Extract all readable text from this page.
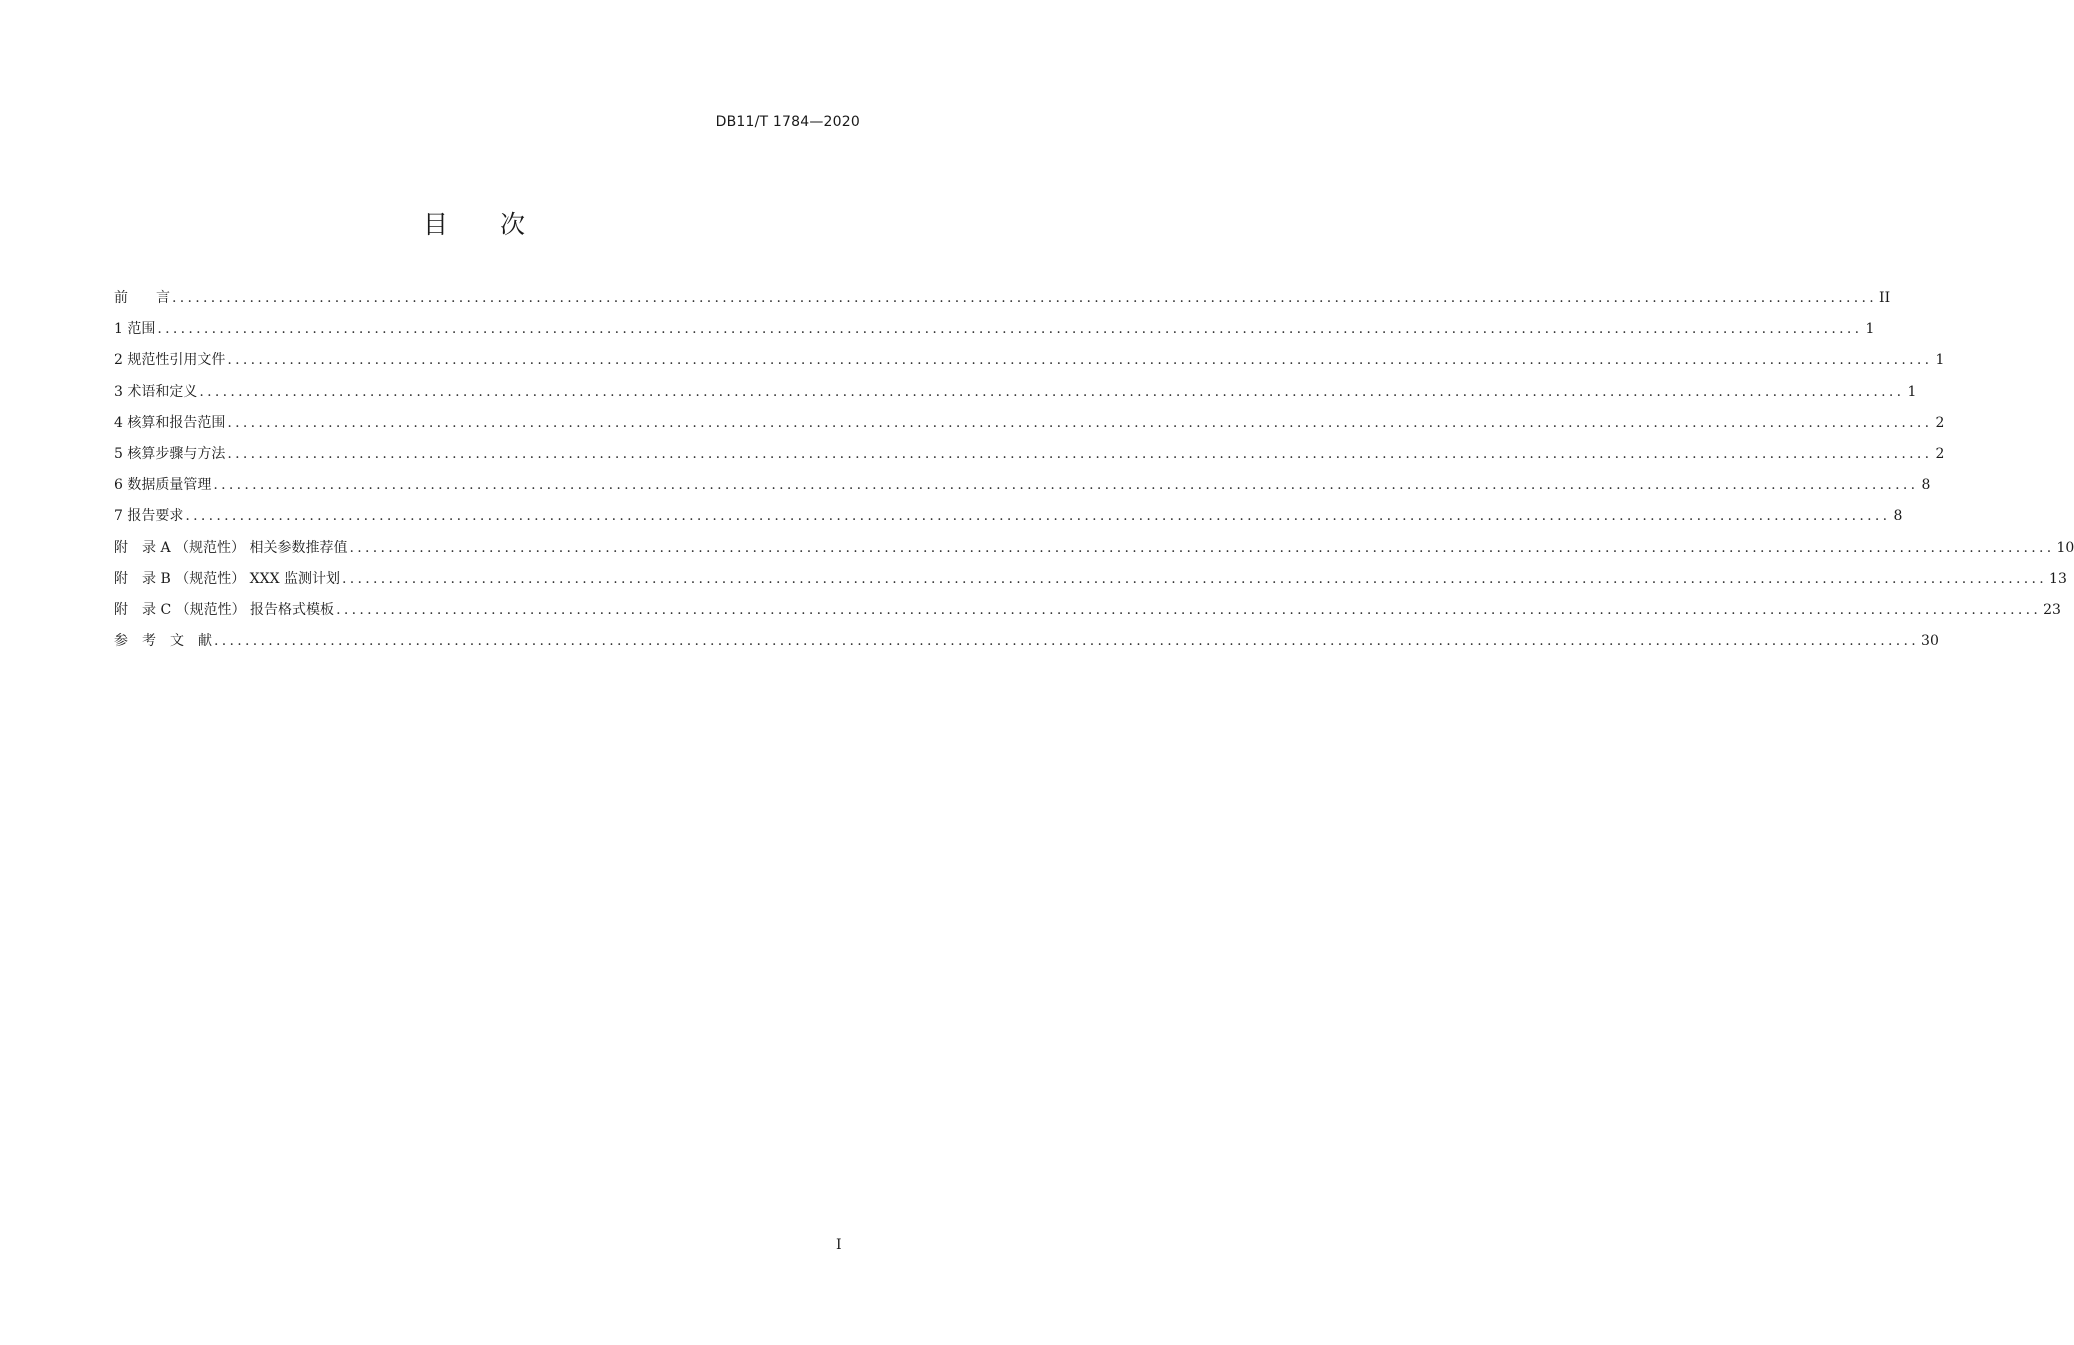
DB11/T 1784—2020
目 次
前　　言 ............................................................................................................................................................................................................................ II
1 范围 ............................................................................................................................................................................................................................ 1
2 规范性引用文件 ............................................................................................................................................................................................................................ 1
3 术语和定义 ............................................................................................................................................................................................................................ 1
4 核算和报告范围 ............................................................................................................................................................................................................................ 2
5 核算步骤与方法 ............................................................................................................................................................................................................................ 2
6 数据质量管理 ............................................................................................................................................................................................................................ 8
7 报告要求 ............................................................................................................................................................................................................................ 8
附　录 A （规范性） 相关参数推荐值 ............................................................................................................................................................................................................................ 10
附　录 B （规范性） XXX 监测计划 ............................................................................................................................................................................................................................ 13
附　录 C （规范性） 报告格式模板 ............................................................................................................................................................................................................................ 23
参　考　文　献 ............................................................................................................................................................................................................................ 30
I
